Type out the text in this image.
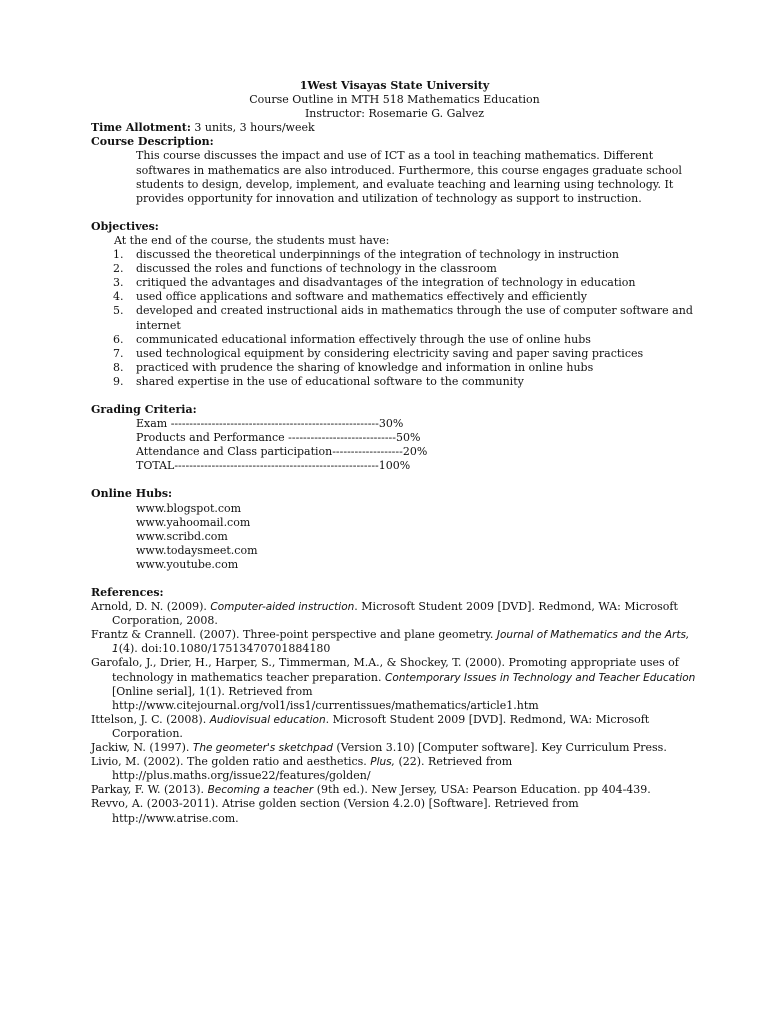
1West Visayas State University
Course Outline in MTH 518 Mathematics Education
Instructor: Rosemarie G. Galvez
Time Allotment: 3 units, 3 hours/week
Course Description:
This course discusses the impact and use of ICT as a tool in teaching mathematics. Different softwares in mathematics are also introduced. Furthermore, this course engages graduate school students to design, develop, implement, and evaluate teaching and learning using technology. It provides opportunity for innovation and utilization of technology as support to instruction.
Objectives:
At the end of the course, the students must have:
1. discussed the theoretical underpinnings of the integration of technology in instruction
2. discussed the roles and functions of technology in the classroom
3. critiqued the advantages and disadvantages of the integration of technology in education
4. used office applications and software and mathematics effectively and efficiently
5. developed and created instructional aids in mathematics through the use of computer software and internet
6. communicated educational information effectively through the use of online hubs
7. used technological equipment by considering electricity saving and paper saving practices
8. practiced with prudence the sharing of knowledge and information in online hubs
9. shared expertise in the use of educational software to the community
Grading Criteria:
Exam --------------------------------------------------------30%
Products and Performance -----------------------------50%
Attendance and Class participation-------------------20%
TOTAL-------------------------------------------------------100%
Online Hubs:
www.blogspot.com
www.yahoomail.com
www.scribd.com
www.todaysmeet.com
www.youtube.com
References:
Arnold, D. N. (2009). Computer-aided instruction. Microsoft Student 2009 [DVD]. Redmond, WA: Microsoft Corporation, 2008.
Frantz & Crannell. (2007). Three-point perspective and plane geometry. Journal of Mathematics and the Arts, 1(4). doi:10.1080/17513470701884180
Garofalo, J., Drier, H., Harper, S., Timmerman, M.A., & Shockey, T. (2000). Promoting appropriate uses of technology in mathematics teacher preparation. Contemporary Issues in Technology and Teacher Education [Online serial], 1(1). Retrieved from http://www.citejournal.org/vol1/iss1/currentissues/mathematics/article1.htm
Ittelson, J. C. (2008). Audiovisual education. Microsoft Student 2009 [DVD]. Redmond, WA: Microsoft Corporation.
Jackiw, N. (1997). The geometer's sketchpad (Version 3.10) [Computer software]. Key Curriculum Press.
Livio, M. (2002). The golden ratio and aesthetics. Plus, (22). Retrieved from http://plus.maths.org/issue22/features/golden/
Parkay, F. W. (2013). Becoming a teacher (9th ed.). New Jersey, USA: Pearson Education. pp 404-439.
Revvo, A. (2003-2011). Atrise golden section (Version 4.2.0) [Software]. Retrieved from http://www.atrise.com.
